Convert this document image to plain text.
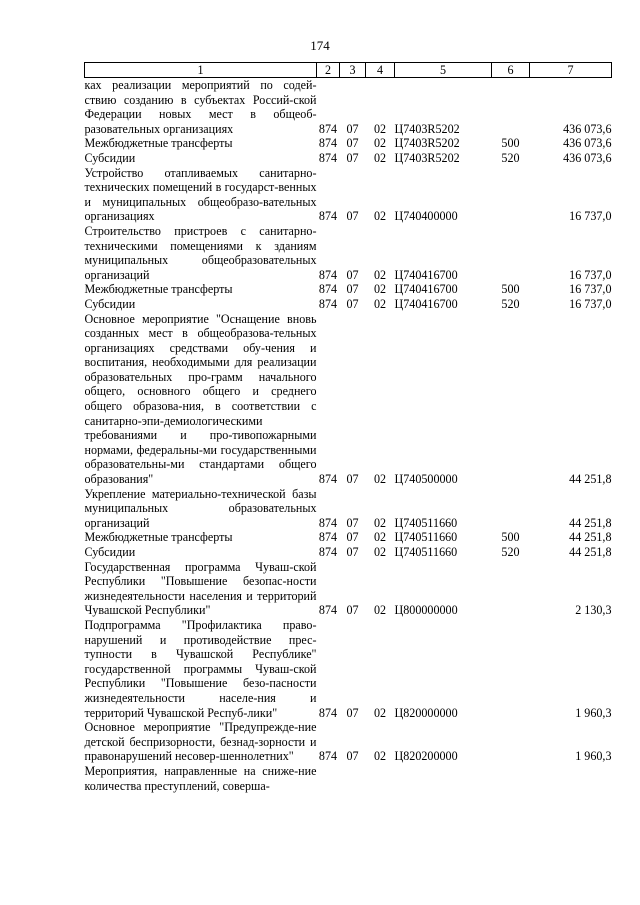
174
1	2	3	4	5	6	7
ках реализации мероприятий по содей-ствию созданию в субъектах Россий-ской Федерации новых мест в общеоб-разовательных организациях	874	07	02	Ц7403R5202		436 073,6
Межбюджетные трансферты	874	07	02	Ц7403R5202	500	436 073,6
Субсидии	874	07	02	Ц7403R5202	520	436 073,6
Устройство отапливаемых санитарно-технических помещений в государст-венных и муниципальных общеобразо-вательных организациях	874	07	02	Ц740400000		16 737,0
Строительство пристроев с санитарно-техническими помещениями к зданиям муниципальных общеобразовательных организаций	874	07	02	Ц740416700		16 737,0
Межбюджетные трансферты	874	07	02	Ц740416700	500	16 737,0
Субсидии	874	07	02	Ц740416700	520	16 737,0
Основное мероприятие "Оснащение вновь созданных мест в общеобразова-тельных организациях средствами обу-чения и воспитания, необходимыми для реализации образовательных про-грамм начального общего, основного общего и среднего общего образова-ния, в соответствии с санитарно-эпи-демиологическими требованиями и про-тивопожарными нормами, федеральны-ми государственными образовательны-ми стандартами общего образования"	874	07	02	Ц740500000		44 251,8
Укрепление материально-технической базы муниципальных образовательных организаций	874	07	02	Ц740511660		44 251,8
Межбюджетные трансферты	874	07	02	Ц740511660	500	44 251,8
Субсидии	874	07	02	Ц740511660	520	44 251,8
Государственная программа Чуваш-ской Республики "Повышение безопас-ности жизнедеятельности населения и территорий Чувашской Республики"	874	07	02	Ц800000000		2 130,3
Подпрограмма "Профилактика право-нарушений и противодействие прес-тупности в Чувашской Республике" государственной программы Чуваш-ской Республики "Повышение безо-пасности жизнедеятельности населе-ния и территорий Чувашской Респуб-лики"	874	07	02	Ц820000000		1 960,3
Основное мероприятие "Предупрежде-ние детской беспризорности, безнад-зорности и правонарушений несовер-шеннолетних"	874	07	02	Ц820200000		1 960,3
Мероприятия, направленные на сниже-ние количества преступлений, соверша-						
